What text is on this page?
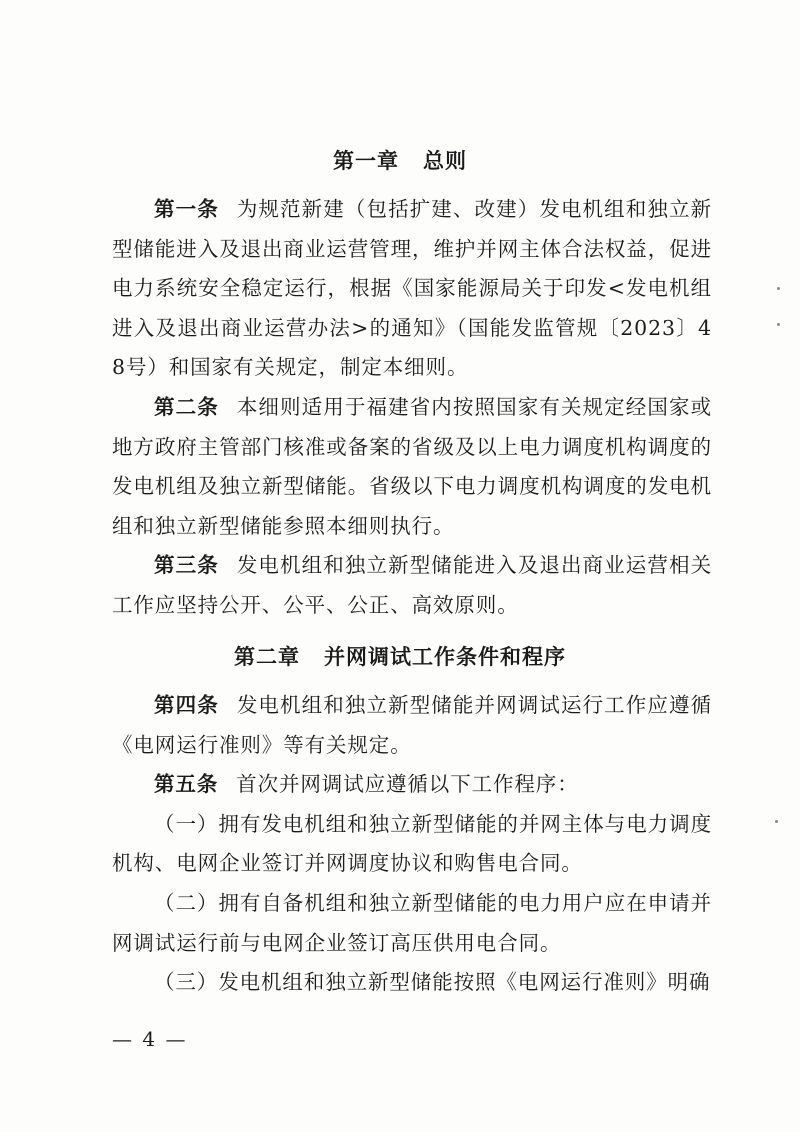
第一章 总则

第一条 为规范新建（包括扩建、改建）发电机组和独立新型储能进入及退出商业运营管理，维护并网主体合法权益，促进电力系统安全稳定运行，根据《国家能源局关于印发<发电机组进入及退出商业运营办法>的通知》（国能发监管规〔2023〕48号）和国家有关规定，制定本细则。

第二条 本细则适用于福建省内按照国家有关规定经国家或地方政府主管部门核准或备案的省级及以上电力调度机构调度的发电机组及独立新型储能。省级以下电力调度机构调度的发电机组和独立新型储能参照本细则执行。

第三条 发电机组和独立新型储能进入及退出商业运营相关工作应坚持公开、公平、公正、高效原则。

第二章 并网调试工作条件和程序

第四条 发电机组和独立新型储能并网调试运行工作应遵循《电网运行准则》等有关规定。

第五条 首次并网调试应遵循以下工作程序：

（一）拥有发电机组和独立新型储能的并网主体与电力调度机构、电网企业签订并网调度协议和购售电合同。

（二）拥有自备机组和独立新型储能的电力用户应在申请并网调试运行前与电网企业签订高压供用电合同。

（三）发电机组和独立新型储能按照《电网运行准则》明确

— 4 —
